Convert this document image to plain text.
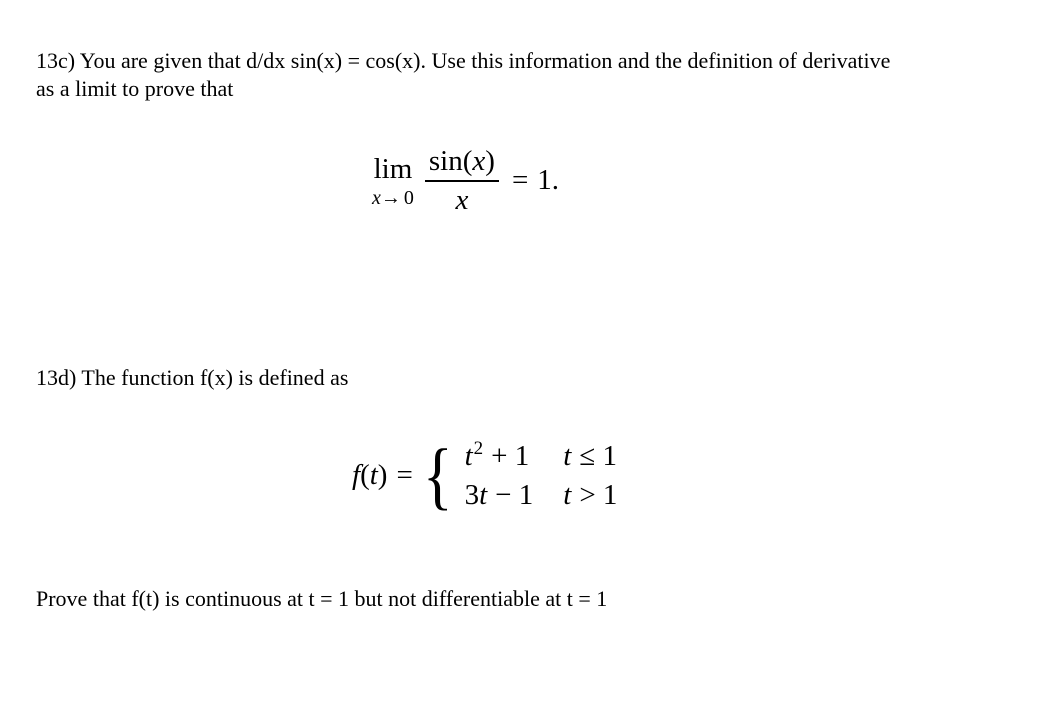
13c) You are given that d/dx sin(x) = cos(x). Use this information and the definition of derivative

as a limit to prove that

lim
$x\to 0 \frac{\sin(x)}{x} = 1$.

13d) The function f(x) is defined as

f ( t ) = { $t^2 + 1$ t ≤ 1
3t − 1 t > 1

Prove that f(t) is continuous at t = 1 but not differentiable at t = 1
